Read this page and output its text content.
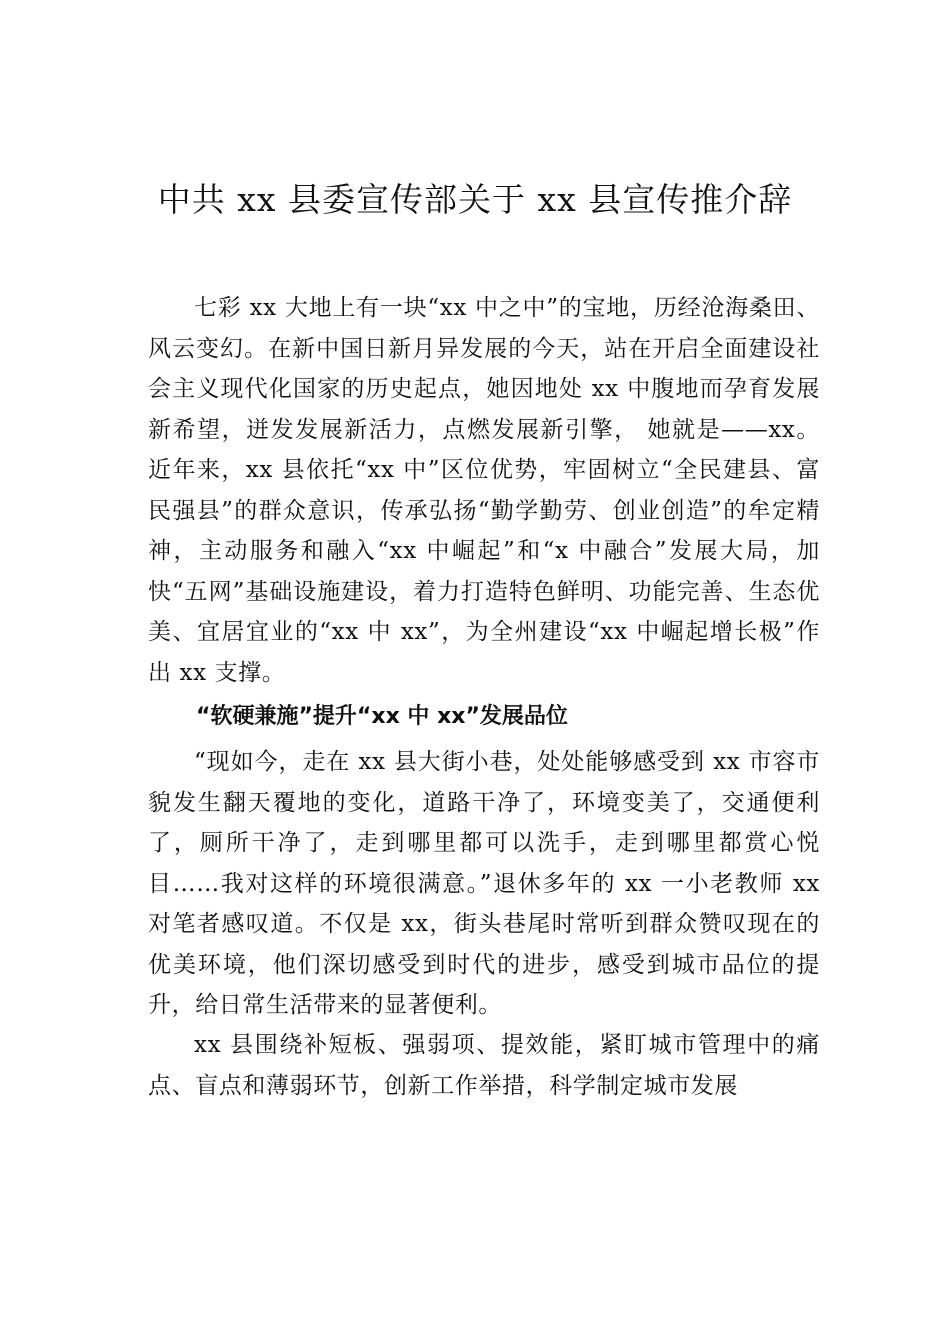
中共 xx 县委宣传部关于 xx 县宣传推介辞

七彩 xx 大地上有一块“xx 中之中”的宝地，历经沧海桑田、风云变幻。在新中国日新月异发展的今天，站在开启全面建设社会主义现代化国家的历史起点，她因地处 xx 中腹地而孕育发展新希望，迸发发展新活力，点燃发展新引擎， 她就是——xx。近年来，xx 县依托“xx 中”区位优势，牢固树立“全民建县、富民强县”的群众意识，传承弘扬“勤学勤劳、创业创造”的牟定精神，主动服务和融入“xx 中崛起”和“x 中融合”发展大局，加快“五网”基础设施建设，着力打造特色鲜明、功能完善、生态优美、宜居宜业的“xx 中 xx”，为全州建设“xx 中崛起增长极”作出 xx 支撑。

“软硬兼施”提升“xx 中 xx”发展品位

“现如今，走在 xx 县大街小巷，处处能够感受到 xx 市容市貌发生翻天覆地的变化，道路干净了，环境变美了，交通便利了，厕所干净了，走到哪里都可以洗手，走到哪里都赏心悦目……我对这样的环境很满意。”退休多年的 xx 一小老教师 xx 对笔者感叹道。不仅是 xx，街头巷尾时常听到群众赞叹现在的优美环境，他们深切感受到时代的进步，感受到城市品位的提升，给日常生活带来的显著便利。

xx 县围绕补短板、强弱项、提效能，紧盯城市管理中的痛点、盲点和薄弱环节，创新工作举措，科学制定城市发展
